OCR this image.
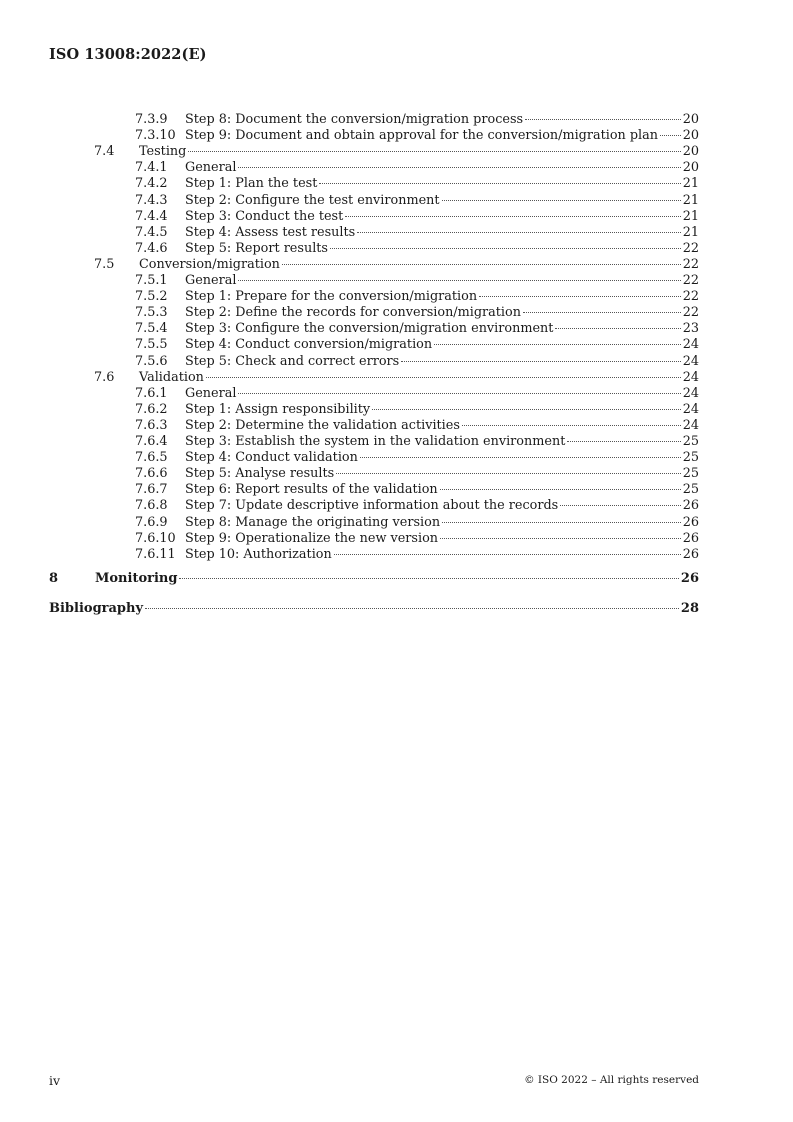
ISO 13008:2022(E)
7.3.9 Step 8: Document the conversion/migration process	20
7.3.10 Step 9: Document and obtain approval for the conversion/migration plan 20
7.4 Testing	20
7.4.1 General	20
7.4.2 Step 1: Plan the test	21
7.4.3 Step 2: Configure the test environment	21
7.4.4 Step 3: Conduct the test	21
7.4.5 Step 4: Assess test results	21
7.4.6 Step 5: Report results	22
7.5 Conversion/migration	22
7.5.1 General	22
7.5.2 Step 1: Prepare for the conversion/migration	22
7.5.3 Step 2: Define the records for conversion/migration	22
7.5.4 Step 3: Configure the conversion/migration environment	23
7.5.5 Step 4: Conduct conversion/migration	24
7.5.6 Step 5: Check and correct errors	24
7.6 Validation	24
7.6.1 General	24
7.6.2 Step 1: Assign responsibility	24
7.6.3 Step 2: Determine the validation activities	24
7.6.4 Step 3: Establish the system in the validation environment	25
7.6.5 Step 4: Conduct validation	25
7.6.6 Step 5: Analyse results	25
7.6.7 Step 6: Report results of the validation	25
7.6.8 Step 7: Update descriptive information about the records	26
7.6.9 Step 8: Manage the originating version	26
7.6.10 Step 9: Operationalize the new version	26
7.6.11 Step 10: Authorization	26
8	Monitoring	26
Bibliography	28
iv	© ISO 2022 – All rights reserved
